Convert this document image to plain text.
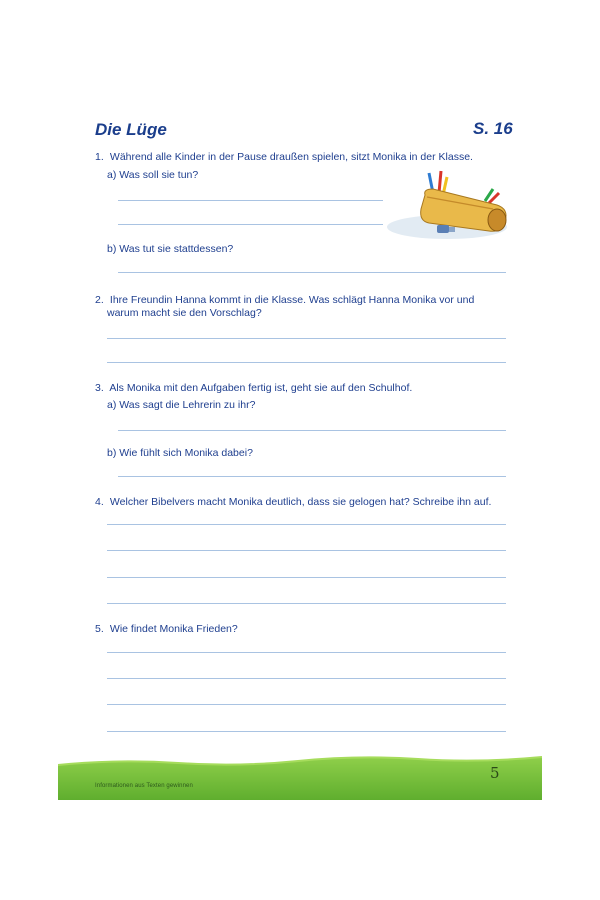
Die Lüge	S. 16
1. Während alle Kinder in der Pause draußen spielen, sitzt Monika in der Klasse.
a) Was soll sie tun?
b) Was tut sie stattdessen?
2. Ihre Freundin Hanna kommt in die Klasse. Was schlägt Hanna Monika vor und
warum macht sie den Vorschlag?
3. Als Monika mit den Aufgaben fertig ist, geht sie auf den Schulhof.
a) Was sagt die Lehrerin zu ihr?
b) Wie fühlt sich Monika dabei?
4. Welcher Bibelvers macht Monika deutlich, dass sie gelogen hat? Schreibe ihn auf.
5. Wie findet Monika Frieden?
Informationen aus Texten gewinnen
5
